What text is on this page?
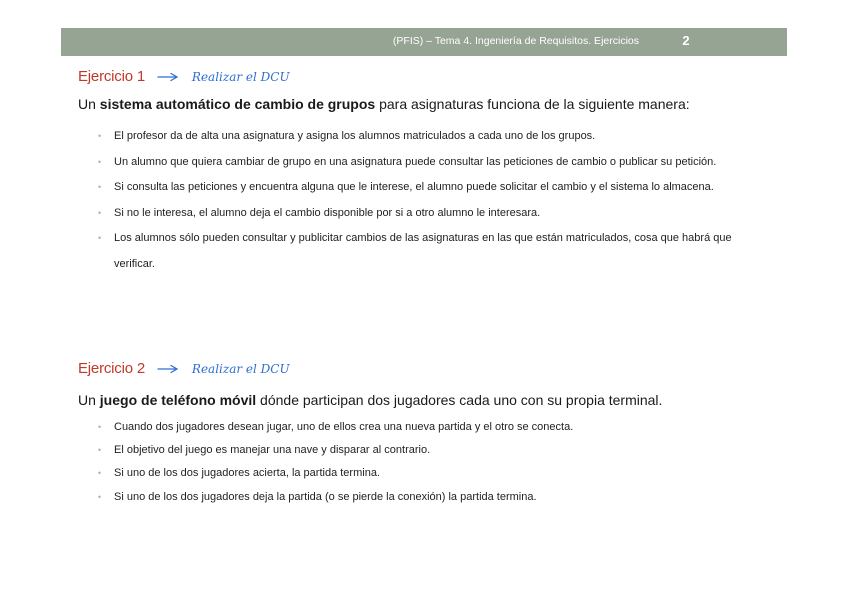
(PFIS) – Tema 4. Ingeniería de Requisitos. Ejercicios	2
Ejercicio 1	Realizar el DCU
Un sistema automático de cambio de grupos para asignaturas funciona de la siguiente manera:
• El profesor da de alta una asignatura y asigna los alumnos matriculados a cada uno de los grupos.
• Un alumno que quiera cambiar de grupo en una asignatura puede consultar las peticiones de cambio o publicar su petición.
• Si consulta las peticiones y encuentra alguna que le interese, el alumno puede solicitar el cambio y el sistema lo almacena.
• Si no le interesa, el alumno deja el cambio disponible por si a otro alumno le interesara.
• Los alumnos sólo pueden consultar y publicitar cambios de las asignaturas en las que están matriculados, cosa que habrá que verificar.
Ejercicio 2	Realizar el DCU
Un juego de teléfono móvil dónde participan dos jugadores cada uno con su propia terminal.
• Cuando dos jugadores desean jugar, uno de ellos crea una nueva partida y el otro se conecta.
• El objetivo del juego es manejar una nave y disparar al contrario.
• Si uno de los dos jugadores acierta, la partida termina.
• Si uno de los dos jugadores deja la partida (o se pierde la conexión) la partida termina.
